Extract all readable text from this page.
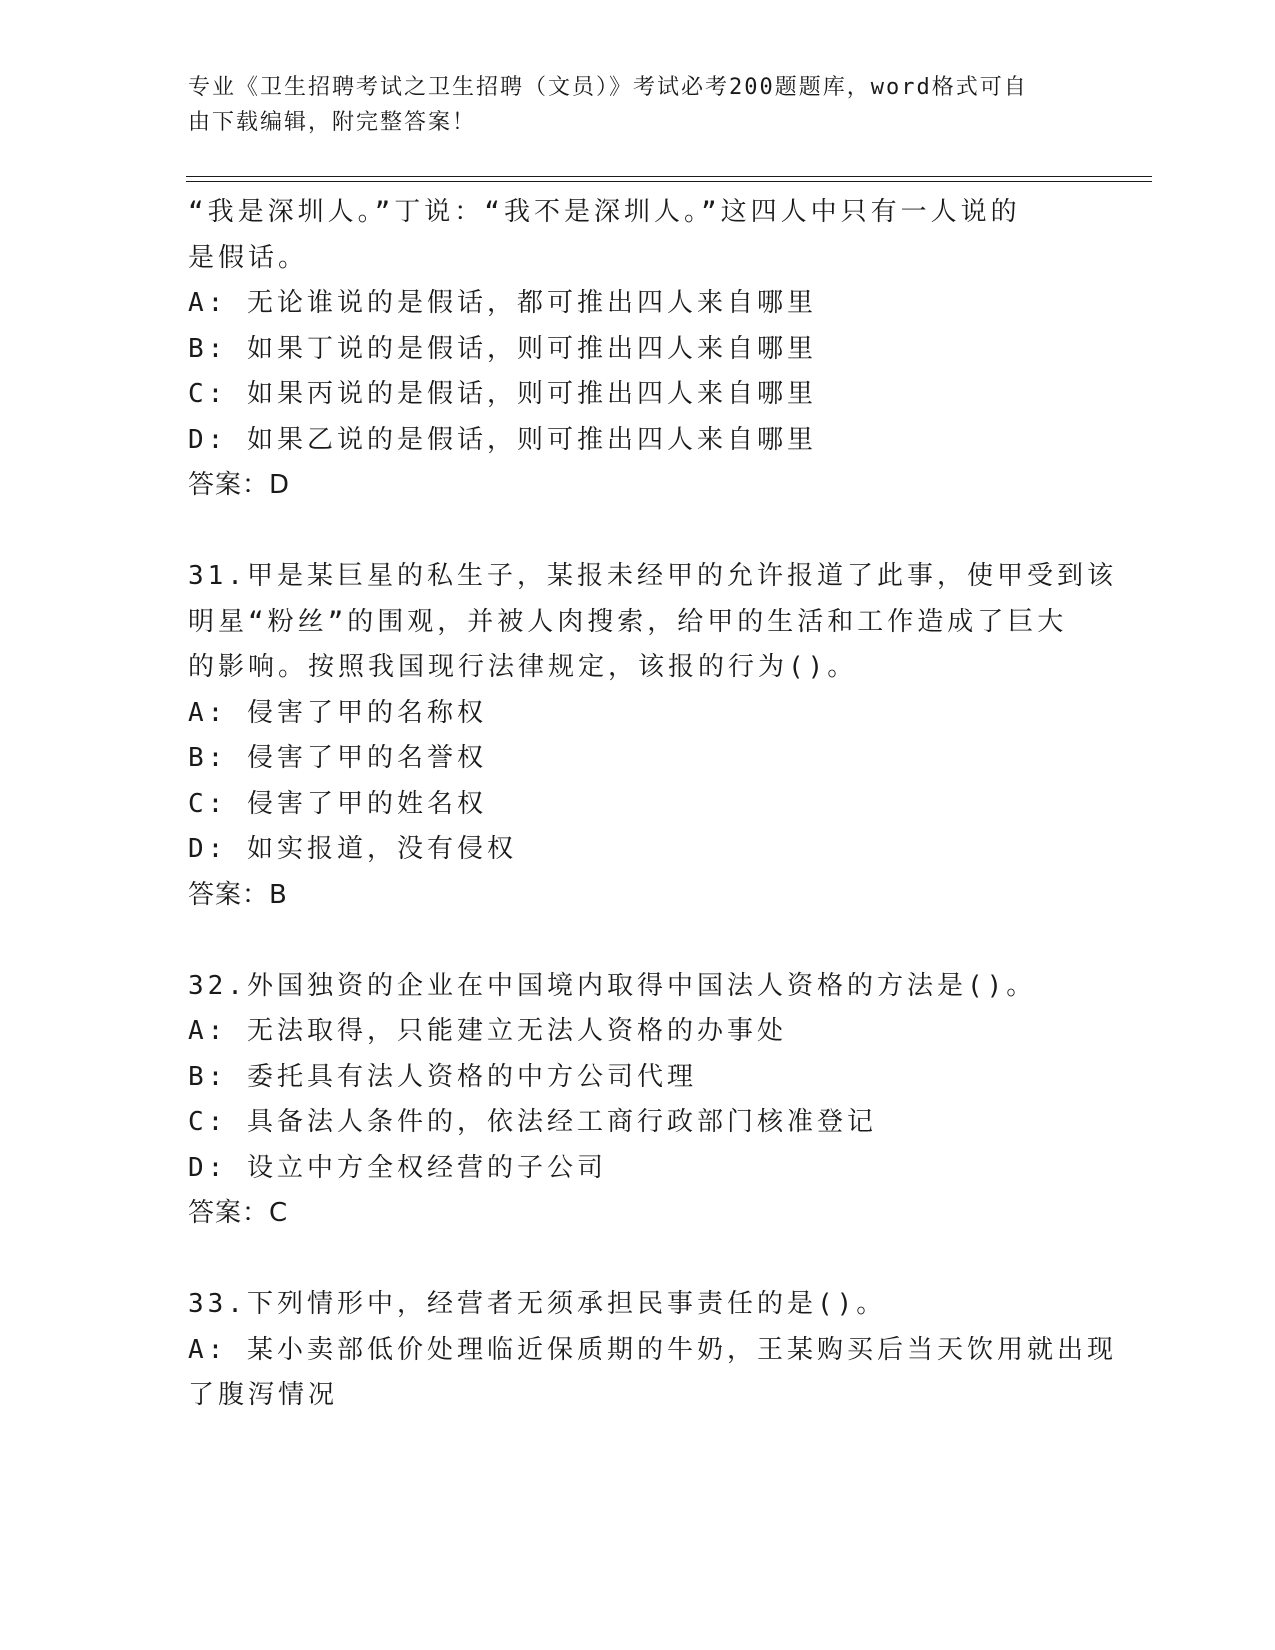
专业《卫生招聘考试之卫生招聘（文员）》考试必考200题题库，word格式可自
由下载编辑，附完整答案！
“我是深圳人。”丁说：“我不是深圳人。”这四人中只有一人说的
是假话。
A: 无论谁说的是假话，都可推出四人来自哪里
B: 如果丁说的是假话，则可推出四人来自哪里
C: 如果丙说的是假话，则可推出四人来自哪里
D: 如果乙说的是假话，则可推出四人来自哪里
答案：D
31.甲是某巨星的私生子，某报未经甲的允许报道了此事，使甲受到该
明星“粉丝”的围观，并被人肉搜索，给甲的生活和工作造成了巨大
的影响。按照我国现行法律规定，该报的行为()。
A: 侵害了甲的名称权
B: 侵害了甲的名誉权
C: 侵害了甲的姓名权
D: 如实报道，没有侵权
答案：B
32.外国独资的企业在中国境内取得中国法人资格的方法是()。
A: 无法取得，只能建立无法人资格的办事处
B: 委托具有法人资格的中方公司代理
C: 具备法人条件的，依法经工商行政部门核准登记
D: 设立中方全权经营的子公司
答案：C
33.下列情形中，经营者无须承担民事责任的是()。
A: 某小卖部低价处理临近保质期的牛奶，王某购买后当天饮用就出现
了腹泻情况
